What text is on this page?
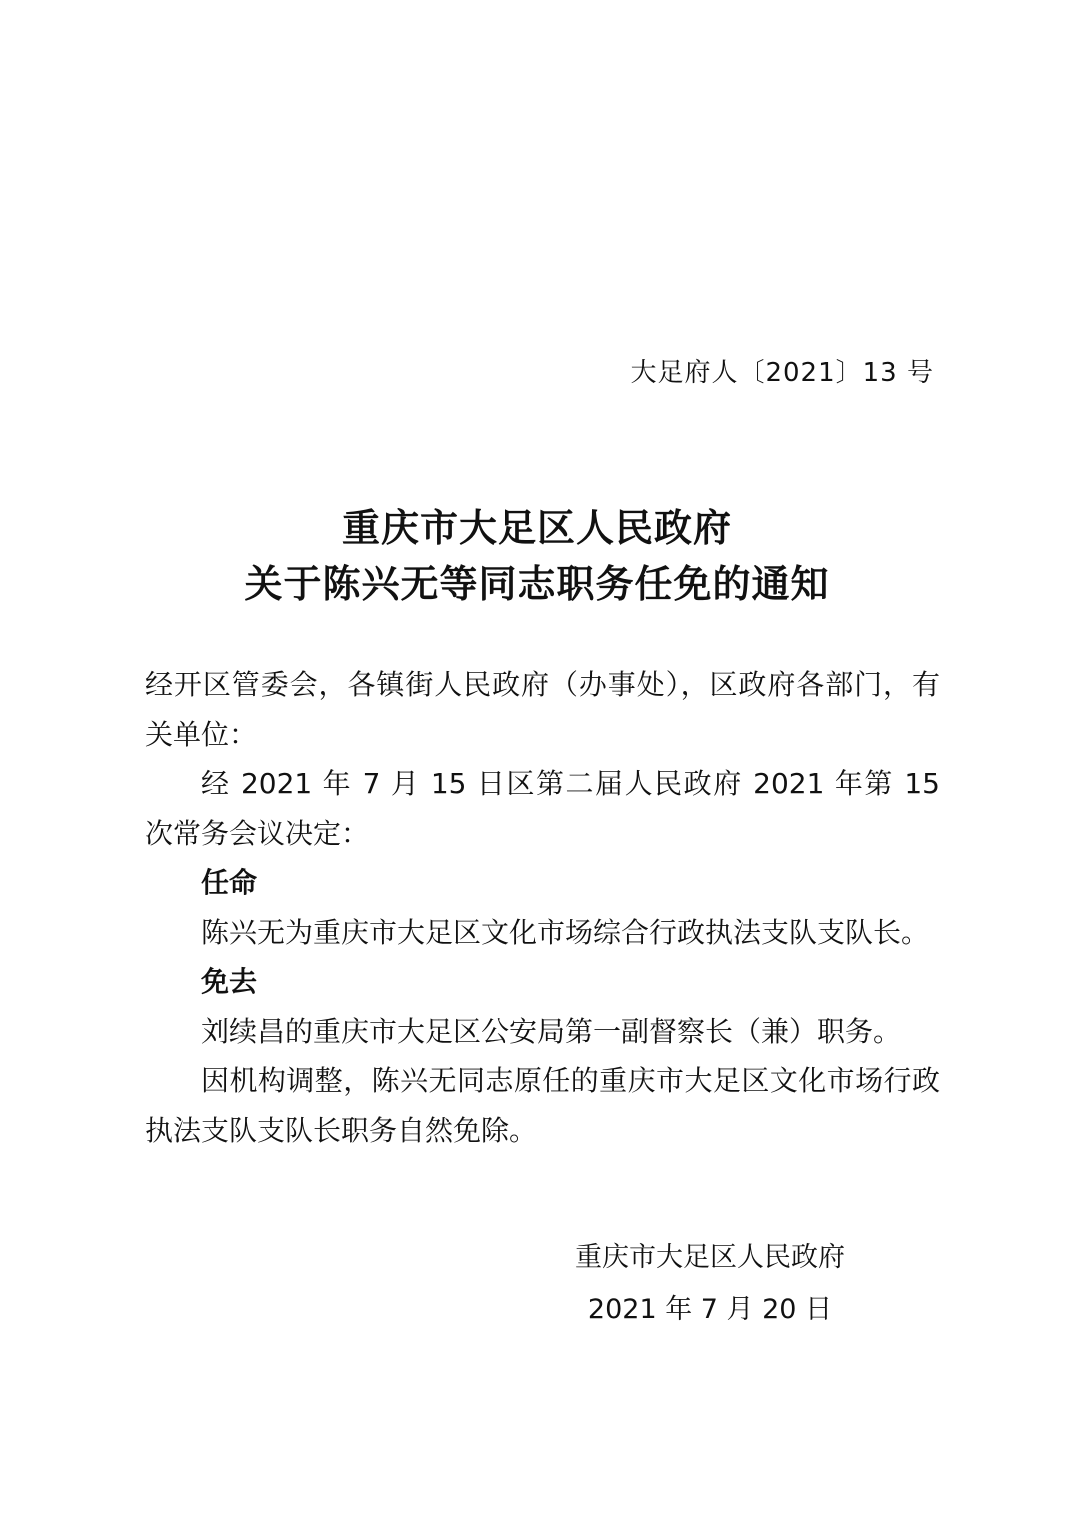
大足府人〔2021〕13 号
重庆市大足区人民政府
关于陈兴无等同志职务任免的通知

经开区管委会，各镇街人民政府（办事处），区政府各部门，有关单位：

经 2021 年 7 月 15 日区第二届人民政府 2021 年第 15 次常务会议决定：

任命

陈兴无为重庆市大足区文化市场综合行政执法支队支队长。

免去

刘续昌的重庆市大足区公安局第一副督察长（兼）职务。

因机构调整，陈兴无同志原任的重庆市大足区文化市场行政执法支队支队长职务自然免除。

重庆市大足区人民政府
2021 年 7 月 20 日
